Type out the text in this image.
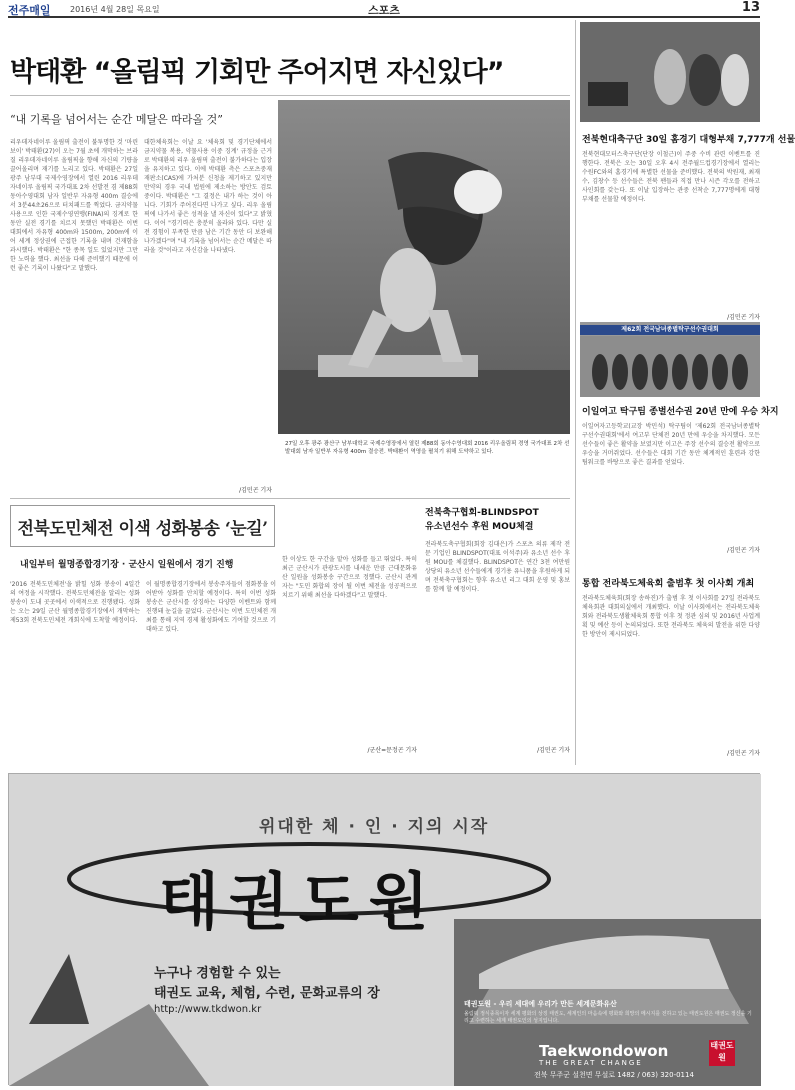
전주매일 2016년 4월 28일 목요일	스포츠	13
박태환 “올림픽 기회만 주어지면 자신있다”
“내 기록을 넘어서는 순간 메달은 따라올 것”
리우데자네이루 올림픽 출전이 불투명한 것 '마린보이' 박태환(27)이 오는 7월 초에 개막하는 브라질 리우데자네이루 올림픽을 향해 자신의 기량을 끌어올리며 재기를 노리고 있다. 박태환은 27일 광주 남부대 국제수영장에서 열린 2016 리우데자네이루 올림픽 국가대표 2차 선발전 겸 제88회 동아수영대회 남자 일반부 자유형 400m 결승에서 3분44초26으로 터치패드를 찍었다. 금지약물 사용으로 인한 국제수영연맹(FINA)의 징계로 한동안 실전 경기를 치르지 못했던 박태환은 이번 대회에서 자유형 400m와 1500m, 200m에 이어 세계 정상권에 근접한 기록을 내며 건재함을 과시했다. 박태환은 "한 종목 일도 있었지만 그만한 노력을 했다. 최선을 다해 준비했기 때문에 이런 좋은 기록이 나왔다"고 말했다.
대한체육회는 이날 요 '체육회 및 경기단체에서 금지약물 복용, 약물사용 이중 징계' 규정을 근거로 박태환의 리우 올림픽 출전이 불가하다는 입장을 유지하고 있다. 이에 박태환 측은 스포츠중재재판소(CAS)에 가처분 신청을 제기하고 있지만 만약의 경우 국내 법원에 제소하는 방안도 검토 중이다. 박태환은 "그 결정은 내가 하는 것이 아니다. 기회가 주어진다면 나가고 싶다. 리우 올림픽에 나가서 좋은 성적을 낼 자신이 있다"고 밝혔다. 이어 "경기력은 충분히 올라와 있다. 다만 실전 경험이 부족한 만큼 남은 기간 동안 더 보완해 나가겠다"며 "내 기록을 넘어서는 순간 메달은 따라올 것"이라고 자신감을 나타냈다.
27일 오후 광주 광산구 남부대학교 국제수영장에서 열린 제88회 동아수영대회 2016 리우올림픽 경영 국가대표 2차 선발대회 남자 일반부 자유형 400m 결승전. 박태환이 역영을 펼치기 위해 도약하고 있다.
/김민곤 기자
전북현대축구단 30일 홈경기 대형부채 7,777개 선물
전북현대모터스축구단(단장 이철근)이 주중 수비 관련 이벤트를 진행한다. 전북은 오는 30일 오후 4시 전주월드컵경기장에서 열리는 수원FC와의 홈경기에 특별한 선물을 준비했다. 전북의 박원재, 최재수, 김창수 등 선수들은 전북 팬들과 직접 만나 시즌 각오를 전하고 사인회를 갖는다. 또 이날 입장하는 관중 선착순 7,777명에게 대형 부채를 선물할 예정이다.
/김민곤 기자
제62회 전국남녀종별탁구선수권대회
이일여고 탁구팀 종별선수권 20년 만에 우승 차지
이일여자고등학교(교장 박민석) 탁구팀이 '제62회 전국남녀종별탁구선수권대회'에서 여고부 단체전 20년 만에 우승을 차지했다. 모든 선수들이 좋은 활약을 보였지만 이고은 주장 선수의 결승전 활약으로 우승을 거머쥐었다. 선수들은 대회 기간 동안 체계적인 훈련과 강한 팀워크를 바탕으로 좋은 결과를 얻었다.
/김민곤 기자
통합 전라북도체육회 출범후 첫 이사회 개최
전라북도체육회(회장 송하진)가 출범 후 첫 이사회를 27일 전라북도체육회관 대회의실에서 개최했다. 이날 이사회에서는 전라북도체육회와 전라북도생활체육회 통합 이후 첫 정관 심의 및 2016년 사업계획 및 예산 등이 논의되었다. 또한 전라북도 체육의 발전을 위한 다양한 방안이 제시되었다.
/김민곤 기자
전북축구협회-BLINDSPOT
유소년선수 후원 MOU체결
전라북도축구협회(회장 김대은)가 스포츠 의류 제작 전문 기업인 BLINDSPOT(대표 이석주)과 유소년 선수 후원 MOU를 체결했다. BLINDSPOT은 연간 3천 여만원 상당의 유소년 선수들에게 경기용 유니폼을 후원하게 되며 전북축구협회는 향후 유소년 리그 대회 운영 및 홍보를 함께 할 예정이다.
/김민곤 기자
전북도민체전 이색 성화봉송 ‘눈길’
내일부터 월명종합경기장 · 군산시 일원에서 경기 진행
'2016 전북도민체전'을 밝힐 성화 봉송이 4일간의 여정을 시작했다. 전북도민체전을 알리는 성화 봉송이 도내 곳곳에서 이색적으로 진행됐다. 성화는 오는 29일 군산 월명종합경기장에서 개막하는 제53회 전북도민체전 개회식에 도착할 예정이다.
이 월명종합경기장에서 봉송주자들이 점화봉을 이어받아 성화를 안치할 예정이다. 특히 이번 성화 봉송은 군산시를 상징하는 다양한 이벤트와 함께 진행돼 눈길을 끌었다. 군산시는 이번 도민체전 개최를 통해 지역 경제 활성화에도 기여할 것으로 기대하고 있다.
한 이상도 한 구간을 맡아 성화를 들고 뛰었다. 특히 최근 군산시가 관광도시를 내세운 만큼 근대문화유산 일원을 성화봉송 구간으로 정했다. 군산시 관계자는 "도민 화합의 장이 될 이번 체전을 성공적으로 치르기 위해 최선을 다하겠다"고 말했다.
/군산=문정곤 기자
위대한 체 · 인 · 지의 시작
태권도원
누구나 경험할 수 있는
태권도 교육, 체험, 수련, 문화교류의 장
http://www.tkdwon.kr	태권도원 - 우리 세대에 우리가 만든 세계문화유산
올림픽 정식종목이자 세계 평화의 상징 태권도, 세계인의 마음속에 평화와 희망의 메시지를 전하고 있는 태권도원은 태권도 정신을 기리고 수련하는 세계 태권도인의 성지입니다.
Taekwondowon
THE GREAT CHANGE
태권도원
전북 무주군 설천면 무설로 1482 / 063) 320-0114
